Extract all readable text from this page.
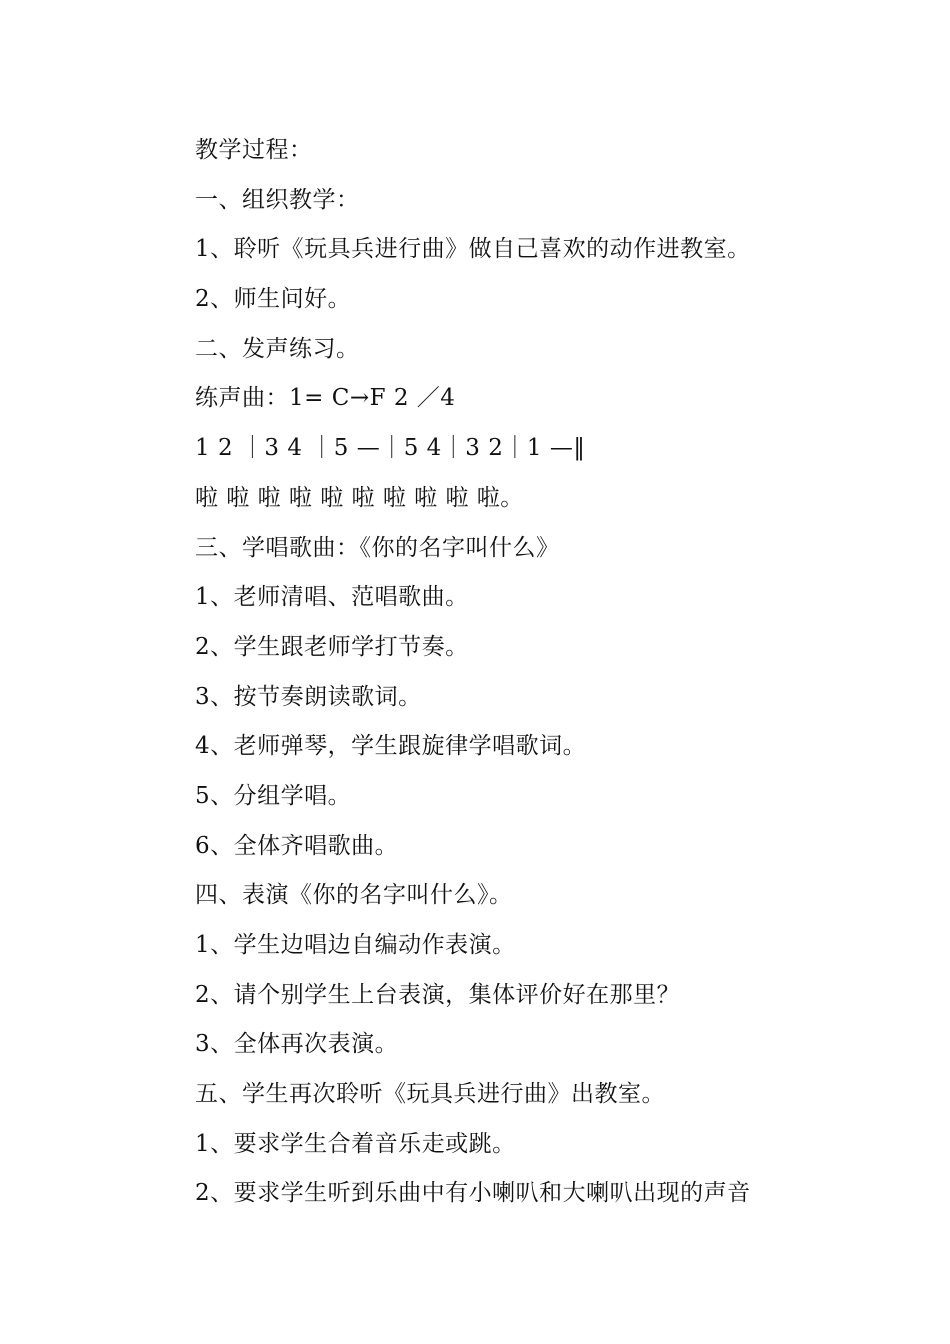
教学过程：
一、组织教学：
1、聆听《玩具兵进行曲》做自己喜欢的动作进教室。
2、师生问好。
二、发声练习。
练声曲：1= C→F 2 ／4
1 2 ｜3 4 ｜5 —｜5 4｜3 2｜1 —‖
啦 啦 啦 啦 啦 啦 啦 啦 啦 啦。
三、学唱歌曲：《你的名字叫什么》
1、老师清唱、范唱歌曲。
2、学生跟老师学打节奏。
3、按节奏朗读歌词。
4、老师弹琴，学生跟旋律学唱歌词。
5、分组学唱。
6、全体齐唱歌曲。
四、表演《你的名字叫什么》。
1、学生边唱边自编动作表演。
2、请个别学生上台表演，集体评价好在那里？
3、全体再次表演。
五、学生再次聆听《玩具兵进行曲》出教室。
1、要求学生合着音乐走或跳。
2、要求学生听到乐曲中有小喇叭和大喇叭出现的声音
